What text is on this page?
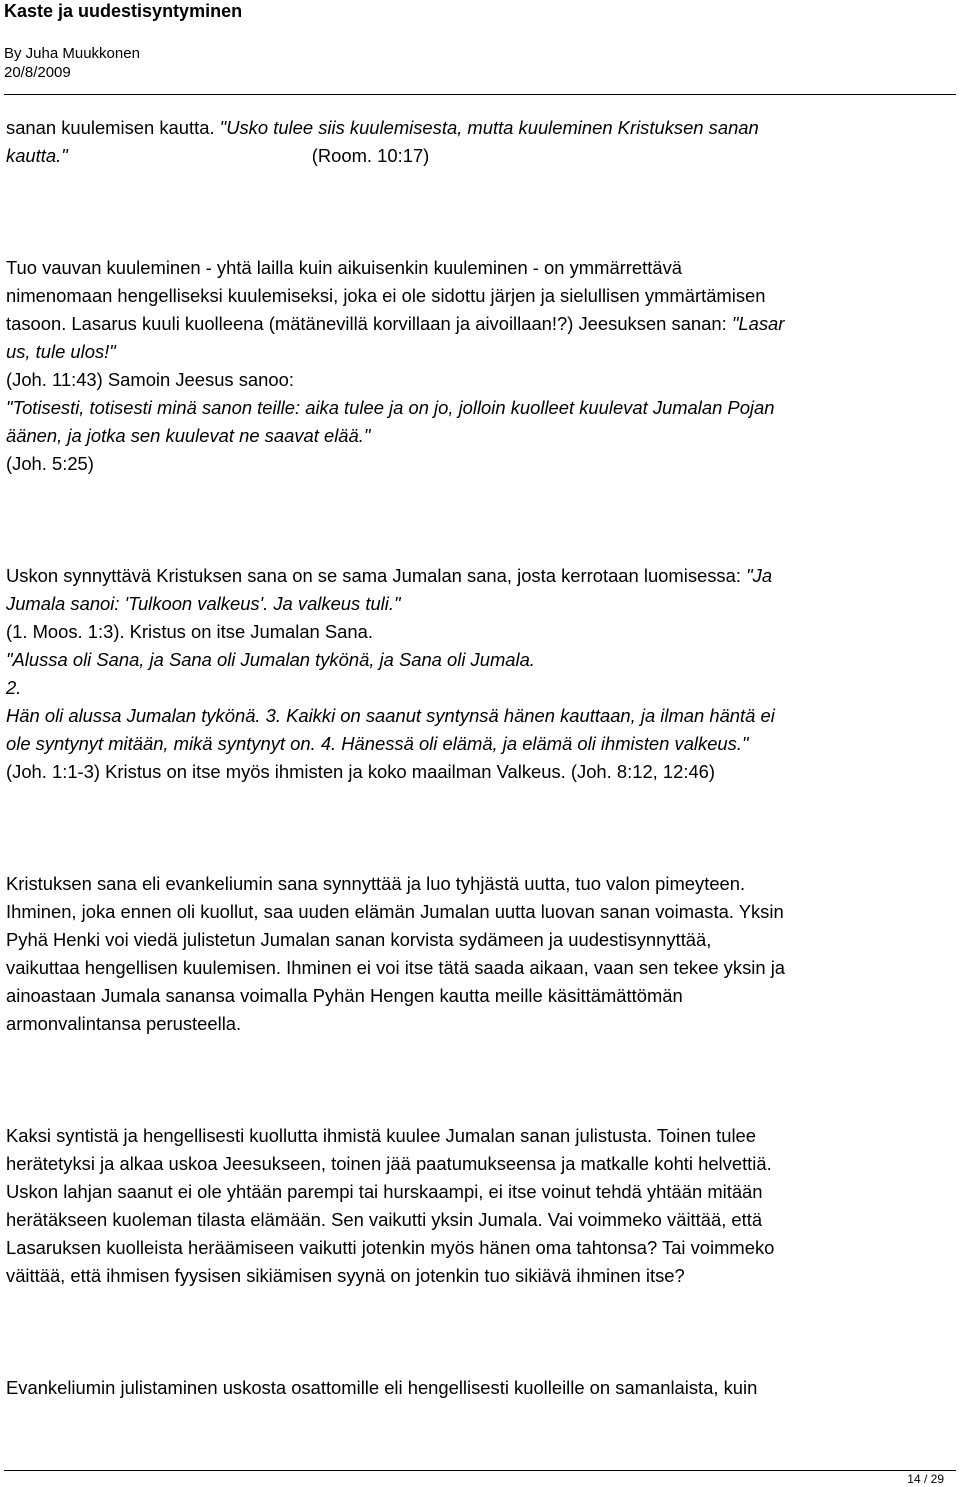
Kaste ja uudestisyntyminen
By Juha Muukkonen
20/8/2009
sanan kuulemisen kautta. "Usko tulee siis kuulemisesta, mutta kuuleminen Kristuksen sanan
kautta."	(Room. 10:17)
Tuo vauvan kuuleminen - yhtä lailla kuin aikuisenkin kuuleminen - on ymmärrettävä
nimenomaan hengelliseksi kuulemiseksi, joka ei ole sidottu järjen ja sielullisen ymmärtämisen
tasoon. Lasarus kuuli kuolleena (mätänevillä korvillaan ja aivoillaan!?) Jeesuksen sanan: "Lasar
us, tule ulos!"
(Joh. 11:43) Samoin Jeesus sanoo:
"Totisesti, totisesti minä sanon teille: aika tulee ja on jo, jolloin kuolleet kuulevat Jumalan Pojan
äänen, ja jotka sen kuulevat ne saavat elää."
(Joh. 5:25)
Uskon synnyttävä Kristuksen sana on se sama Jumalan sana, josta kerrotaan luomisessa: "Ja
Jumala sanoi: 'Tulkoon valkeus'. Ja valkeus tuli."
(1. Moos. 1:3). Kristus on itse Jumalan Sana.
"Alussa oli Sana, ja Sana oli Jumalan tykönä, ja Sana oli Jumala.
2.
Hän oli alussa Jumalan tykönä. 3. Kaikki on saanut syntynsä hänen kauttaan, ja ilman häntä ei
ole syntynyt mitään, mikä syntynyt on. 4. Hänessä oli elämä, ja elämä oli ihmisten valkeus."
(Joh. 1:1-3) Kristus on itse myös ihmisten ja koko maailman Valkeus. (Joh. 8:12, 12:46)
Kristuksen sana eli evankeliumin sana synnyttää ja luo tyhjästä uutta, tuo valon pimeyteen.
Ihminen, joka ennen oli kuollut, saa uuden elämän Jumalan uutta luovan sanan voimasta. Yksin
Pyhä Henki voi viedä julistetun Jumalan sanan korvista sydämeen ja uudestisynnyttää,
vaikuttaa hengellisen kuulemisen. Ihminen ei voi itse tätä saada aikaan, vaan sen tekee yksin ja
ainoastaan Jumala sanansa voimalla Pyhän Hengen kautta meille käsittämättömän
armonvalintansa perusteella.
Kaksi syntistä ja hengellisesti kuollutta ihmistä kuulee Jumalan sanan julistusta. Toinen tulee
herätetyksi ja alkaa uskoa Jeesukseen, toinen jää paatumukseensa ja matkalle kohti helvettiä.
Uskon lahjan saanut ei ole yhtään parempi tai hurskaampi, ei itse voinut tehdä yhtään mitään
herätäkseen kuoleman tilasta elämään. Sen vaikutti yksin Jumala. Vai voimmeko väittää, että
Lasaruksen kuolleista heräämiseen vaikutti jotenkin myös hänen oma tahtonsa? Tai voimmeko
väittää, että ihmisen fyysisen sikiämisen syynä on jotenkin tuo sikiävä ihminen itse?
Evankeliumin julistaminen uskosta osattomille eli hengellisesti kuolleille on samanlaista, kuin
14 / 29
